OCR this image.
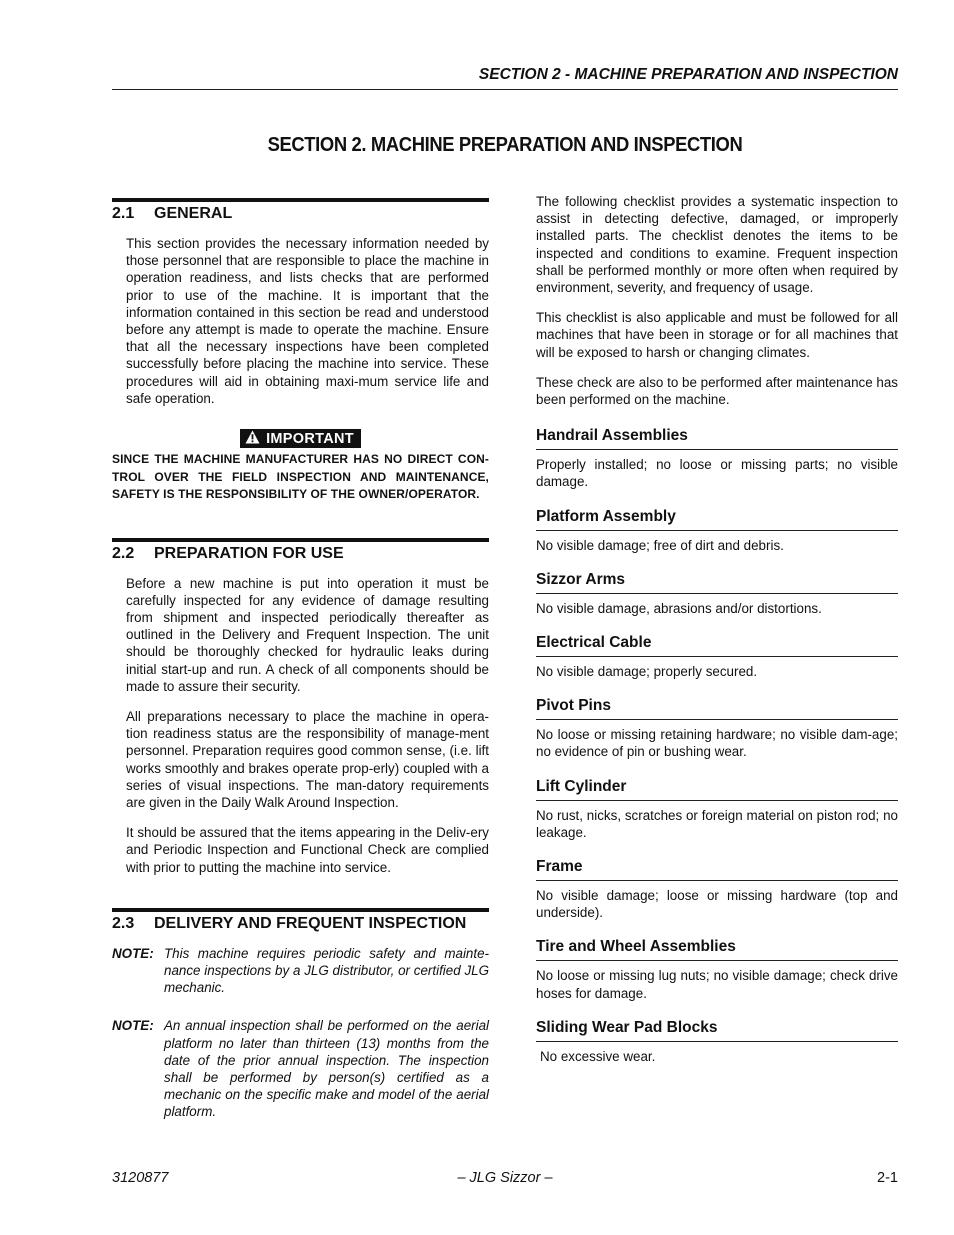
SECTION 2 - MACHINE PREPARATION AND INSPECTION
SECTION 2. MACHINE PREPARATION AND INSPECTION
2.1 GENERAL

This section provides the necessary information needed by those personnel that are responsible to place the machine in operation readiness, and lists checks that are performed prior to use of the machine. It is important that the information contained in this section be read and understood before any attempt is made to operate the machine. Ensure that all the necessary inspections have been completed successfully before placing the machine into service. These procedures will aid in obtaining maxi-mum service life and safe operation.

IMPORTANT

SINCE THE MACHINE MANUFACTURER HAS NO DIRECT CON-TROL OVER THE FIELD INSPECTION AND MAINTENANCE, SAFETY IS THE RESPONSIBILITY OF THE OWNER/OPERATOR.

2.2 PREPARATION FOR USE

Before a new machine is put into operation it must be carefully inspected for any evidence of damage resulting from shipment and inspected periodically thereafter as outlined in the Delivery and Frequent Inspection. The unit should be thoroughly checked for hydraulic leaks during initial start-up and run. A check of all components should be made to assure their security.

All preparations necessary to place the machine in opera-tion readiness status are the responsibility of manage-ment personnel. Preparation requires good common sense, (i.e. lift works smoothly and brakes operate prop-erly) coupled with a series of visual inspections. The man-datory requirements are given in the Daily Walk Around Inspection.

It should be assured that the items appearing in the Deliv-ery and Periodic Inspection and Functional Check are complied with prior to putting the machine into service.

2.3 DELIVERY AND FREQUENT INSPECTION
NOTE: This machine requires periodic safety and mainte-nance inspections by a JLG distributor, or certified JLG mechanic.
NOTE: An annual inspection shall be performed on the aerial platform no later than thirteen (13) months from the date of the prior annual inspection. The inspection shall be performed by person(s) certified as a mechanic on the specific make and model of the aerial platform.

The following checklist provides a systematic inspection to assist in detecting defective, damaged, or improperly installed parts. The checklist denotes the items to be inspected and conditions to examine. Frequent inspection shall be performed monthly or more often when required by environment, severity, and frequency of usage.

This checklist is also applicable and must be followed for all machines that have been in storage or for all machines that will be exposed to harsh or changing climates.

These check are also to be performed after maintenance has been performed on the machine.

Handrail Assemblies

Properly installed; no loose or missing parts; no visible damage.

Platform Assembly

No visible damage; free of dirt and debris.

Sizzor Arms

No visible damage, abrasions and/or distortions.

Electrical Cable

No visible damage; properly secured.

Pivot Pins

No loose or missing retaining hardware; no visible dam-age; no evidence of pin or bushing wear.

Lift Cylinder

No rust, nicks, scratches or foreign material on piston rod; no leakage.

Frame

No visible damage; loose or missing hardware (top and underside).

Tire and Wheel Assemblies

No loose or missing lug nuts; no visible damage; check drive hoses for damage.

Sliding Wear Pad Blocks

No excessive wear.

3120877	– JLG Sizzor –	2-1
